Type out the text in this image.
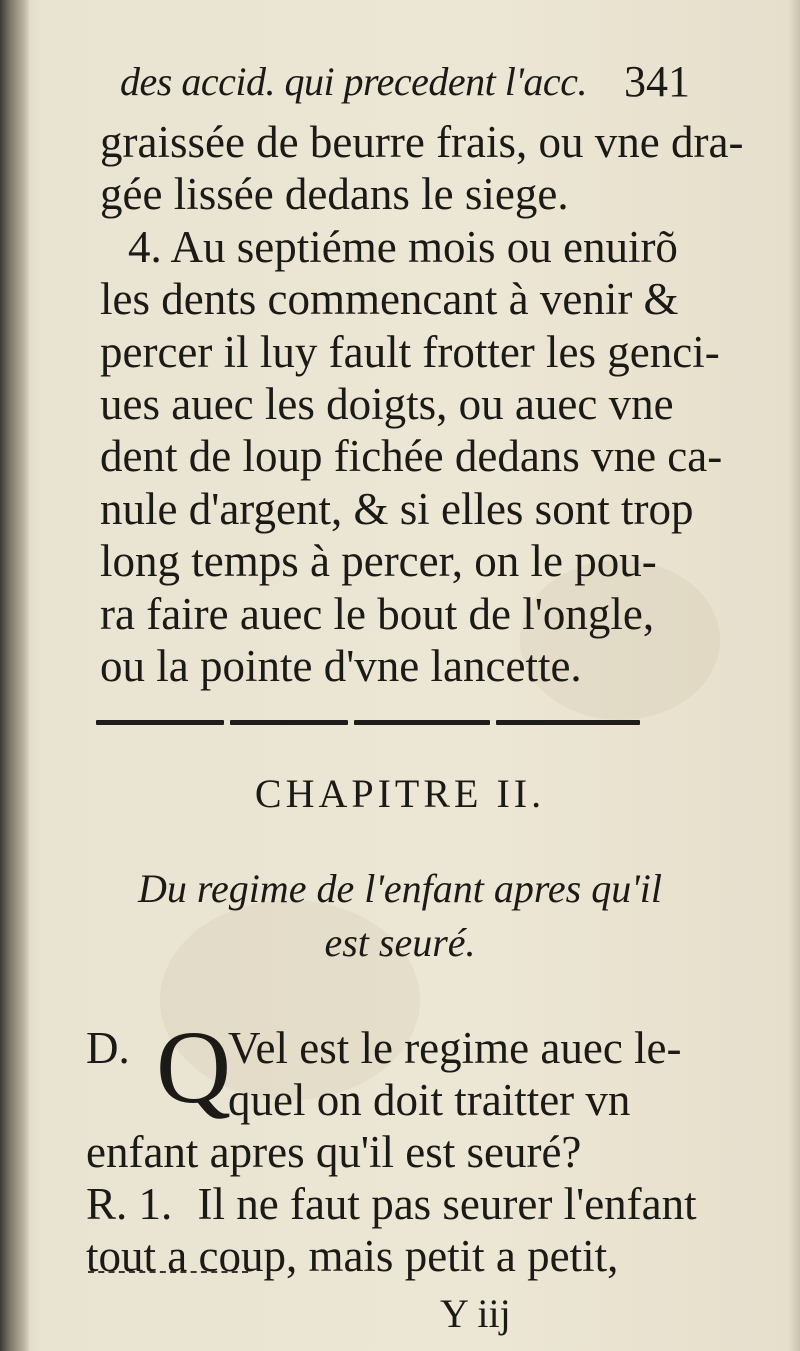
des accid. qui precedent l'acc. 341
graissée de beurre frais, ou vne dra-
gée lissée dedans le siege.
4. Au septiéme mois ou enuirõ
les dents commencant à venir &
percer il luy fault frotter les genci-
ues auec les doigts, ou auec vne
dent de loup fichée dedans vne ca-
nule d'argent, & si elles sont trop
long temps à percer, on le pou-
ra faire auec le bout de l'ongle,
ou la pointe d'vne lancette.
CHAPITRE II.
Du regime de l'enfant apres qu'il
est seuré.
D. Q
Vel est le regime auec le-
quel on doit traitter vn
enfant apres qu'il est seuré?
R. 1. Il ne faut pas seurer l'enfant
tout a coup, mais petit a petit,
Y iij
